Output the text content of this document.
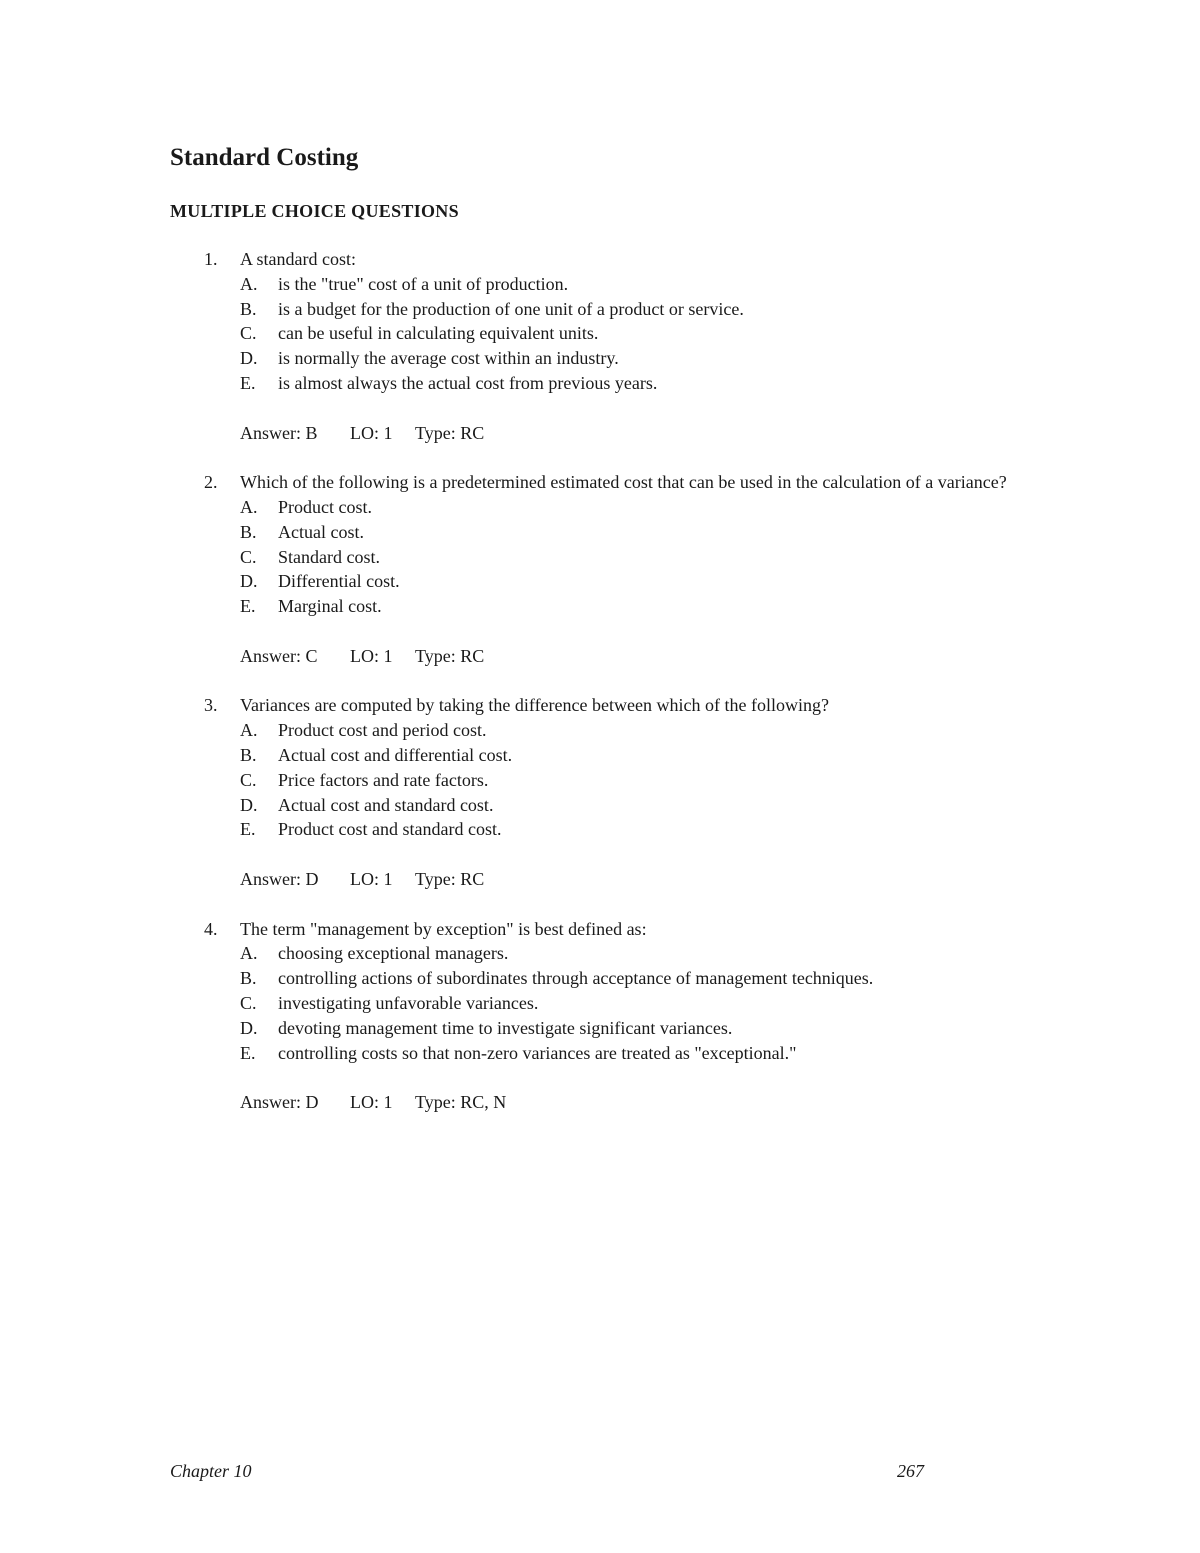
Standard Costing
MULTIPLE CHOICE QUESTIONS
1. A standard cost:
A. is the "true" cost of a unit of production.
B. is a budget for the production of one unit of a product or service.
C. can be useful in calculating equivalent units.
D. is normally the average cost within an industry.
E. is almost always the actual cost from previous years.
Answer: B LO: 1 Type: RC
2. Which of the following is a predetermined estimated cost that can be used in the calculation of a variance?
A. Product cost.
B. Actual cost.
C. Standard cost.
D. Differential cost.
E. Marginal cost.
Answer: C LO: 1 Type: RC
3. Variances are computed by taking the difference between which of the following?
A. Product cost and period cost.
B. Actual cost and differential cost.
C. Price factors and rate factors.
D. Actual cost and standard cost.
E. Product cost and standard cost.
Answer: D LO: 1 Type: RC
4. The term "management by exception" is best defined as:
A. choosing exceptional managers.
B. controlling actions of subordinates through acceptance of management techniques.
C. investigating unfavorable variances.
D. devoting management time to investigate significant variances.
E. controlling costs so that non-zero variances are treated as "exceptional."
Answer: D LO: 1 Type: RC, N
Chapter 10	267
